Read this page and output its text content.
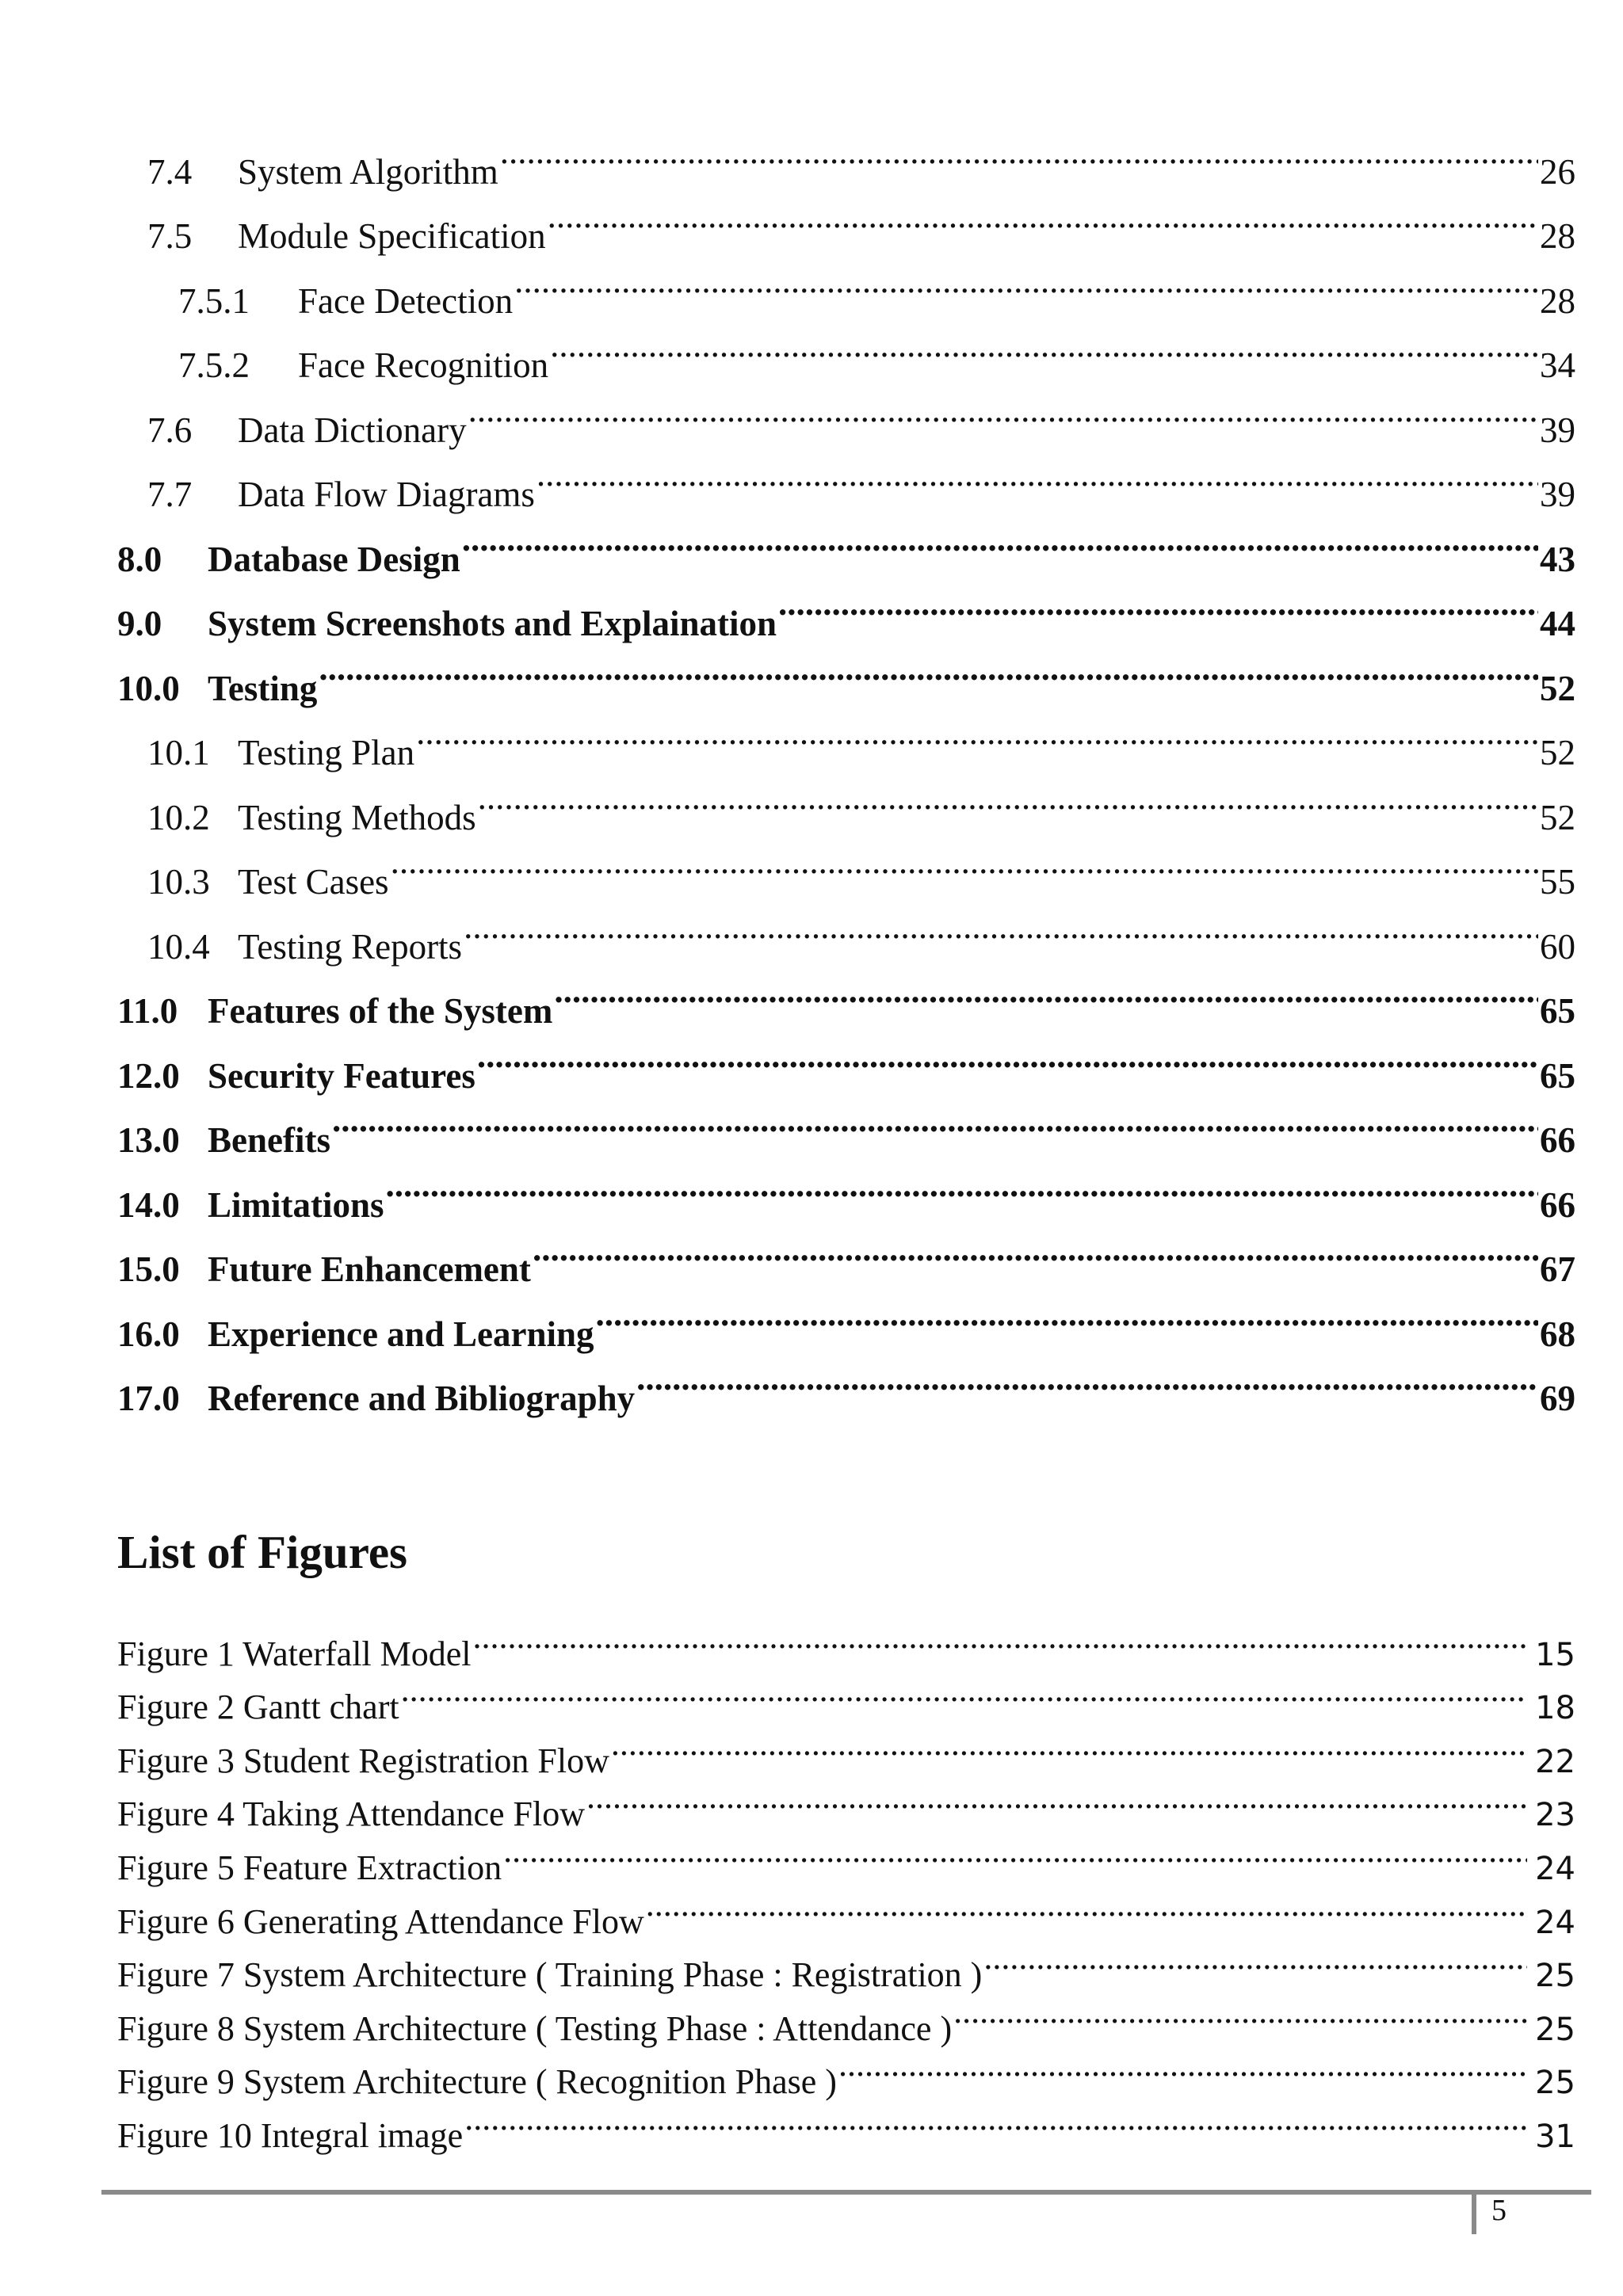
7.4	System Algorithm .....	26
7.5	Module Specification .....	28
7.5.1	Face Detection .....	28
7.5.2	Face Recognition .....	34
7.6	Data Dictionary .....	39
7.7	Data Flow Diagrams .....	39
8.0	Database Design .....	43
9.0	System Screenshots and Explaination .....	44
10.0 Testing .....	52
10.1 Testing Plan .....	52
10.2 Testing Methods .....	52
10.3 Test Cases .....	55
10.4 Testing Reports .....	60
11.0 Features of the System .....	65
12.0 Security Features .....	65
13.0 Benefits .....	66
14.0 Limitations .....	66
15.0 Future Enhancement .....	67
16.0 Experience and Learning .....	68
17.0 Reference and Bibliography .....	69
List of Figures
Figure 1 Waterfall Model .....	15
Figure 2 Gantt chart .....	18
Figure 3 Student Registration Flow .....	22
Figure 4 Taking Attendance Flow .....	23
Figure 5 Feature Extraction .....	24
Figure 6 Generating Attendance Flow .....	24
Figure 7 System Architecture ( Training Phase : Registration ) .....	25
Figure 8 System Architecture ( Testing Phase : Attendance ) .....	25
Figure 9 System Architecture ( Recognition Phase ) .....	25
Figure 10 Integral image .....	31
5
